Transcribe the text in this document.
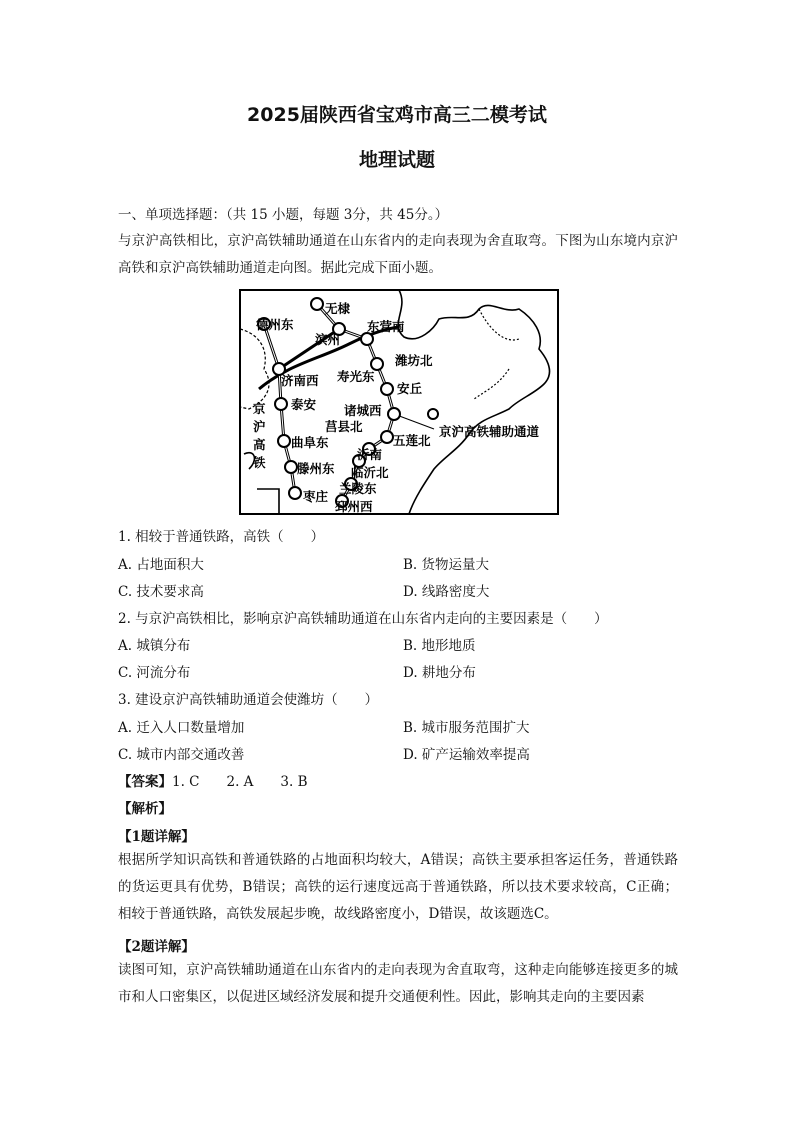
2025届陕西省宝鸡市高三二模考试
地理试题
一、单项选择题：（共 15 小题，每题 3分，共 45分。）
与京沪高铁相比，京沪高铁辅助通道在山东省内的走向表现为舍直取弯。下图为山东境内京沪高铁和京沪高铁辅助通道走向图。据此完成下面小题。
德州东
无棣
滨州
东营南
潍坊北
寿光东
安丘
济南西
泰安 诸城西
莒县北
五莲北
曲阜东
沂南
滕州东 临沂北
枣庄
兰陵东
邳州西
京
沪
高
铁
京沪高铁辅助通道
1. 相较于普通铁路，高铁（　　）
A. 占地面积大	B. 货物运量大
C. 技术要求高	D. 线路密度大
2. 与京沪高铁相比，影响京沪高铁辅助通道在山东省内走向的主要因素是（　　）
A. 城镇分布	B. 地形地质
C. 河流分布	D. 耕地分布
3. 建设京沪高铁辅助通道会使潍坊（　　）
A. 迁入人口数量增加	B. 城市服务范围扩大
C. 城市内部交通改善	D. 矿产运输效率提高
【答案】1. C　　2. A　　3. B
【解析】
【1题详解】
根据所学知识高铁和普通铁路的占地面积均较大，A错误；高铁主要承担客运任务，普通铁路的货运更具有优势，B错误；高铁的运行速度远高于普通铁路，所以技术要求较高，C正确；相较于普通铁路，高铁发展起步晚，故线路密度小，D错误，故该题选C。
【2题详解】
读图可知，京沪高铁辅助通道在山东省内的走向表现为舍直取弯，这种走向能够连接更多的城市和人口密集区，以促进区域经济发展和提升交通便利性。因此，影响其走向的主要因素
